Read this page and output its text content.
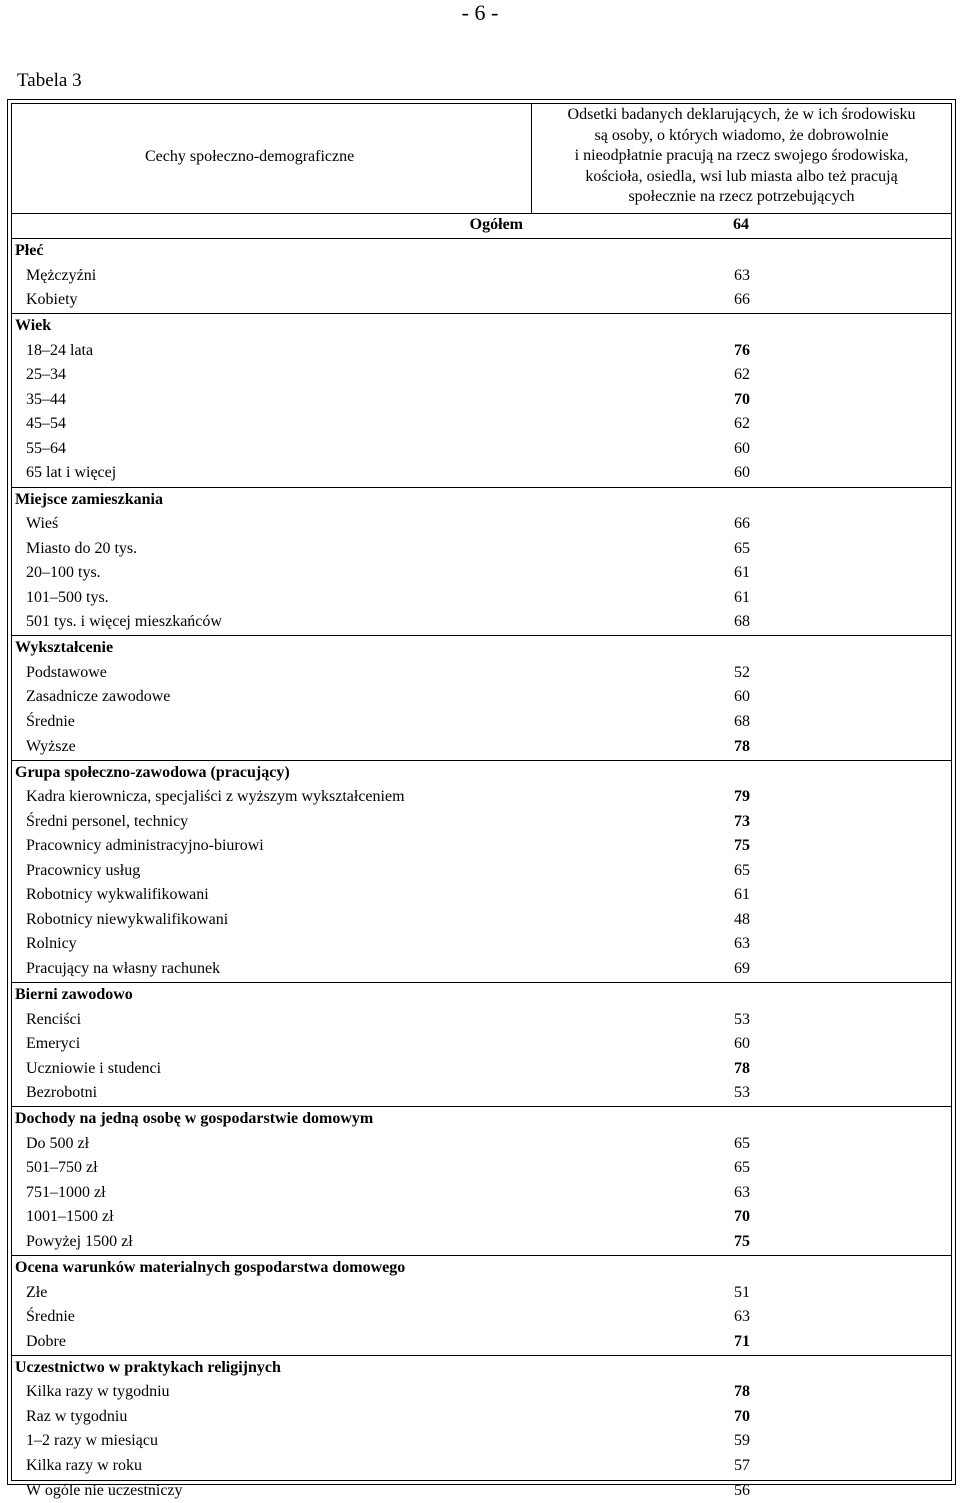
- 6 -
Tabela 3
Cechy społeczno-demograficzne
Odsetki badanych deklarujących, że w ich środowisku
są osoby, o których wiadomo, że dobrowolnie
i nieodpłatnie pracują na rzecz swojego środowiska,
kościoła, osiedla, wsi lub miasta albo też pracują
społecznie na rzecz potrzebujących
Ogółem	64
Płeć
Mężczyźni	63
Kobiety	66
Wiek
18–24 lata	76
25–34	62
35–44	70
45–54	62
55–64	60
65 lat i więcej	60
Miejsce zamieszkania
Wieś	66
Miasto do 20 tys.	65
20–100 tys.	61
101–500 tys.	61
501 tys. i więcej mieszkańców	68
Wykształcenie
Podstawowe	52
Zasadnicze zawodowe	60
Średnie	68
Wyższe	78
Grupa społeczno-zawodowa (pracujący)
Kadra kierownicza, specjaliści z wyższym wykształceniem	79
Średni personel, technicy	73
Pracownicy administracyjno-biurowi	75
Pracownicy usług	65
Robotnicy wykwalifikowani	61
Robotnicy niewykwalifikowani	48
Rolnicy	63
Pracujący na własny rachunek	69
Bierni zawodowo
Renciści	53
Emeryci	60
Uczniowie i studenci	78
Bezrobotni	53
Dochody na jedną osobę w gospodarstwie domowym
Do 500 zł	65
501–750 zł	65
751–1000 zł	63
1001–1500 zł	70
Powyżej 1500 zł	75
Ocena warunków materialnych gospodarstwa domowego
Złe	51
Średnie	63
Dobre	71
Uczestnictwo w praktykach religijnych
Kilka razy w tygodniu	78
Raz w tygodniu	70
1–2 razy w miesiącu	59
Kilka razy w roku	57
W ogóle nie uczestniczy	56
